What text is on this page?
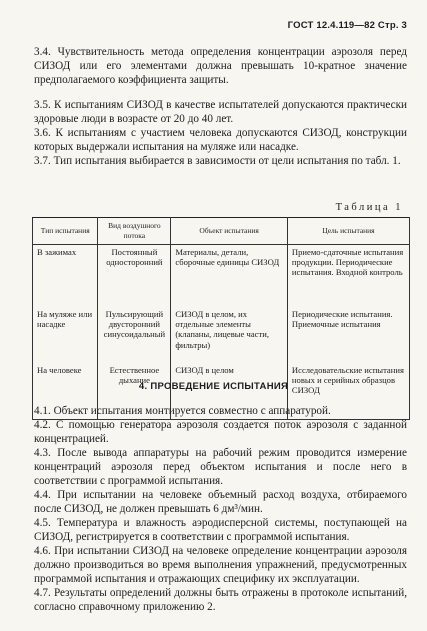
ГОСТ 12.4.119—82 Стр. 3

3.4. Чувствительность метода определения концентрации аэрозоля перед СИЗОД или его элементами должна превышать 10-кратное значение предполагаемого коэффициента защиты.

3.5. К испытаниям СИЗОД в качестве испытателей допускаются практически здоровые люди в возрасте от 20 до 40 лет.

3.6. К испытаниям с участием человека допускаются СИЗОД, конструкции которых выдержали испытания на муляже или насадке.

3.7. Тип испытания выбирается в зависимости от цели испытания по табл. 1.

Таблица 1
Тип испытания	Вид воздушного потока	Объект испытания	Цель испытания
В зажимах	Постоянный односторонний	Материалы, детали, сборочные единицы СИЗОД	Приемо-сдаточные испытания продукции. Периодические испытания. Входной контроль
На муляже или насадке	Пульсирующий двусторонний синусоидальный	СИЗОД в целом, их отдельные элементы (клапаны, лицевые части, фильтры)	Периодические испытания. Приемочные испытания
На человеке	Естественное дыхание	СИЗОД в целом	Исследовательские испытания новых и серийных образцов СИЗОД
4. ПРОВЕДЕНИЕ ИСПЫТАНИЯ

4.1. Объект испытания монтируется совместно с аппаратурой.

4.2. С помощью генератора аэрозоля создается поток аэрозоля с заданной концентрацией.

4.3. После вывода аппаратуры на рабочий режим проводится измерение концентраций аэрозоля перед объектом испытания и после него в соответствии с программой испытания.

4.4. При испытании на человеке объемный расход воздуха, отбираемого после СИЗОД, не должен превышать 6 дм³/мин.

4.5. Температура и влажность аэродисперсной системы, поступающей на СИЗОД, регистрируется в соответствии с программой испытания.

4.6. При испытании СИЗОД на человеке определение концентрации аэрозоля должно производиться во время выполнения упражнений, предусмотренных программой испытания и отражающих специфику их эксплуатации.

4.7. Результаты определений должны быть отражены в протоколе испытаний, согласно справочному приложению 2.
